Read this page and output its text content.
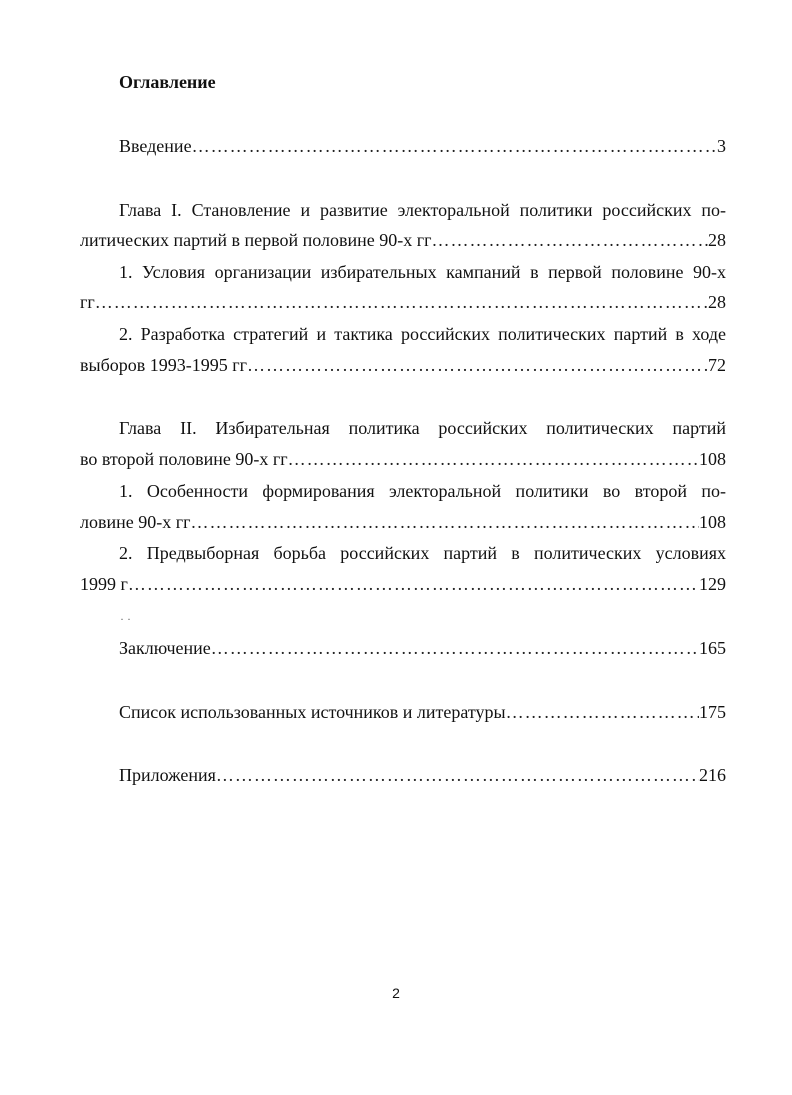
Оглавление
Введение …………………………………………………………………………………………………………………………………………………………	3
Глава I. Становление и развитие электоральной политики российских по-
литических партий в первой половине 90-х гг …………………………………………………………………………………………………………………………………………………………	28
1. Условия организации избирательных кампаний в первой половине 90-х
гг …………………………………………………………………………………………………………………………………………………………	28
2. Разработка стратегий и тактика российских политических партий в ходе
выборов 1993-1995 гг …………………………………………………………………………………………………………………………………………………………	72
Глава II. Избирательная политика российских политических партий
во второй половине 90-х гг …………………………………………………………………………………………………………………………………………………………	108
1. Особенности формирования электоральной политики во второй по-
ловине 90-х гг …………………………………………………………………………………………………………………………………………………………	108
2. Предвыборная борьба российских партий в политических условиях
1999 г …………………………………………………………………………………………………………………………………………………………	129
· ·
Заключение …………………………………………………………………………………………………………………………………………………………	165
Список использованных источников и литературы …………………………………………………………………………………………………………………………………………………………	175
Приложения …………………………………………………………………………………………………………………………………………………………	216
2
